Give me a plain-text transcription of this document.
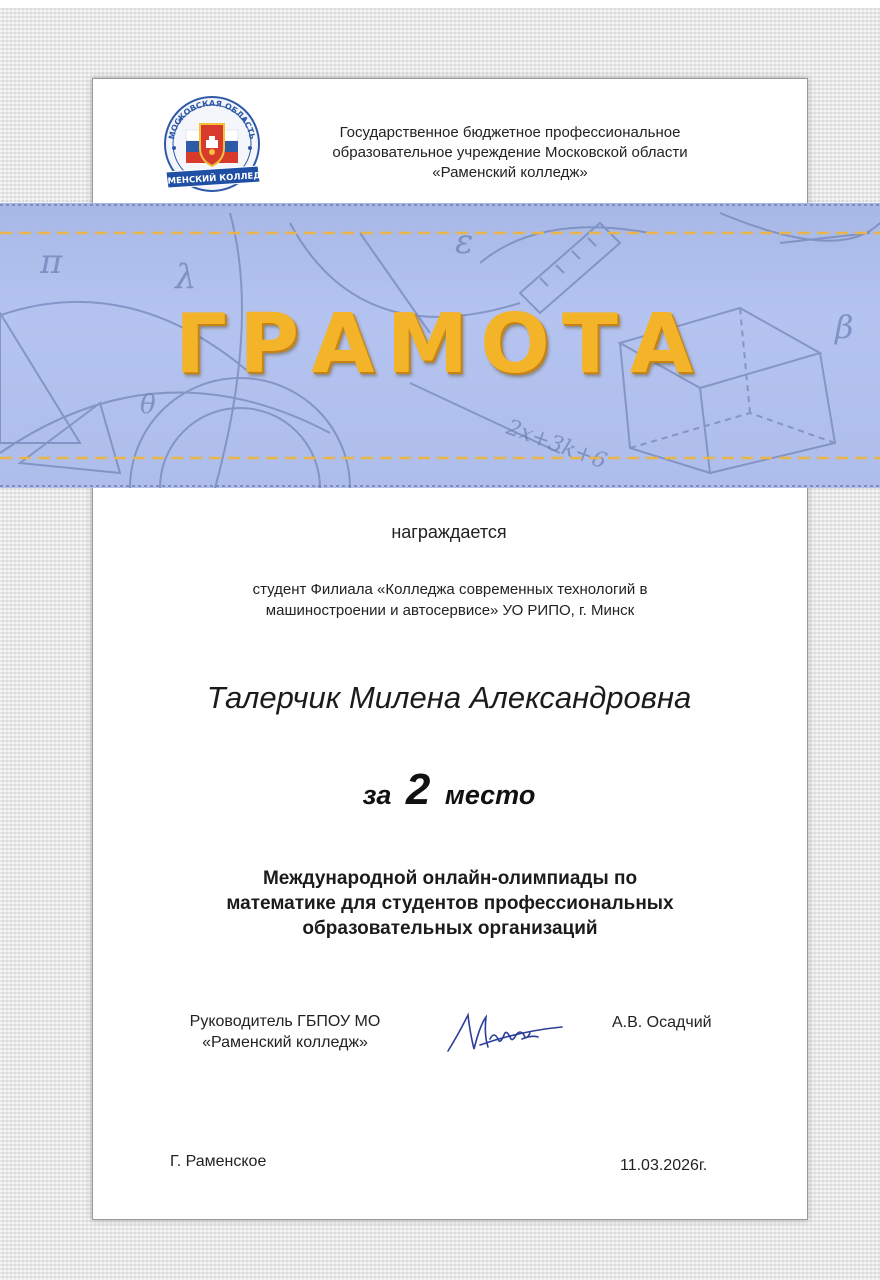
МОСКОВСКАЯ ОБЛАСТЬ
РАМЕНСКИЙ КОЛЛЕДЖ
Государственное бюджетное профессиональное
образовательное учреждение Московской области
«Раменский колледж»
π	λ
ε
β
2x+3k+6
θ
ГРАМОТА
награждается
студент Филиала «Колледжа современных технологий в
машиностроении и автосервисе» УО РИПО, г. Минск
Талерчик Милена Александровна
за 2 место
Международной онлайн-олимпиады по
математике для студентов профессиональных
образовательных организаций
Руководитель ГБПОУ МО
«Раменский колледж»
А.В. Осадчий
Г. Раменское	11.03.2026г.
